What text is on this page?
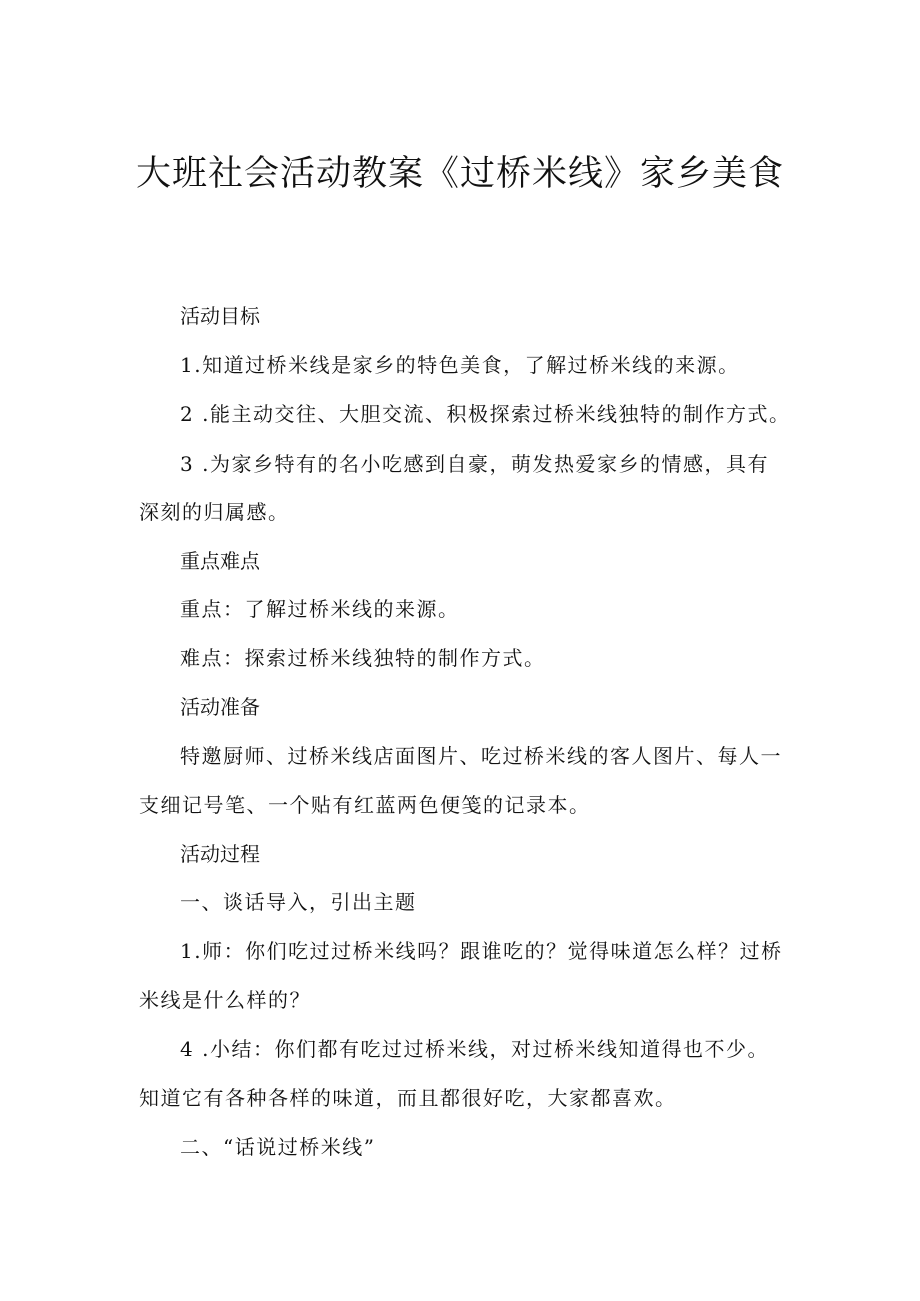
大班社会活动教案《过桥米线》家乡美食

活动目标

1.知道过桥米线是家乡的特色美食，了解过桥米线的来源。

2 .能主动交往、大胆交流、积极探索过桥米线独特的制作方式。

3 .为家乡特有的名小吃感到自豪，萌发热爱家乡的情感，具有

深刻的归属感。

重点难点

重点：了解过桥米线的来源。

难点：探索过桥米线独特的制作方式。

活动准备

特邀厨师、过桥米线店面图片、吃过桥米线的客人图片、每人一

支细记号笔、一个贴有红蓝两色便笺的记录本。

活动过程

一、谈话导入，引出主题

1.师：你们吃过过桥米线吗？跟谁吃的？觉得味道怎么样？过桥

米线是什么样的？

4 .小结：你们都有吃过过桥米线，对过桥米线知道得也不少。

知道它有各种各样的味道，而且都很好吃，大家都喜欢。

二、“话说过桥米线”
